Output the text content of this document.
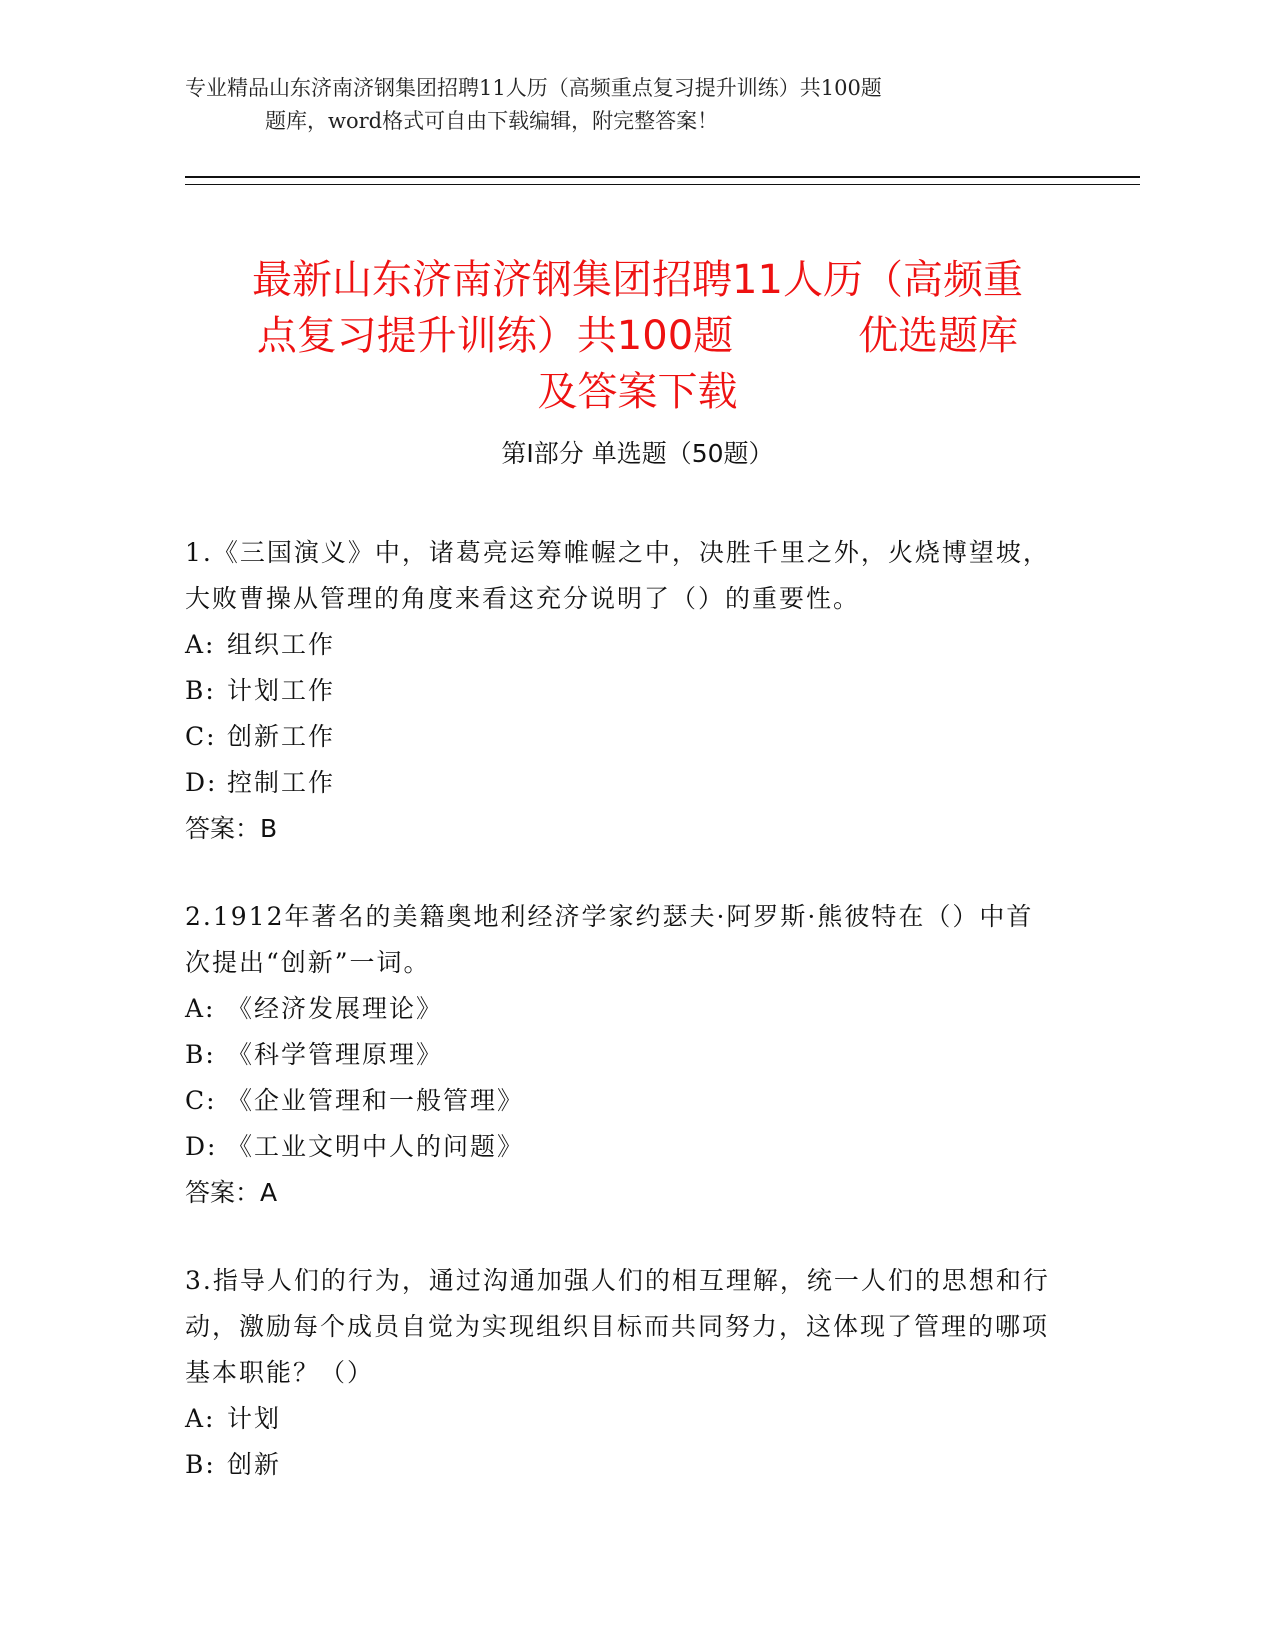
专业精品山东济南济钢集团招聘11人历（高频重点复习提升训练）共100题
题库，word格式可自由下载编辑，附完整答案！
最新山东济南济钢集团招聘11人历（高频重
点复习提升训练）共100题	优选题库
及答案下载
第Ⅰ部分 单选题（50题）

1.《三国演义》中，诸葛亮运筹帷幄之中，决胜千里之外，火烧博望坡，大败曹操从管理的角度来看这充分说明了（）的重要性。

A: 组织工作

B: 计划工作

C: 创新工作

D: 控制工作

答案：B

2.1912年著名的美籍奥地利经济学家约瑟夫·阿罗斯·熊彼特在（）中首次提出“创新”一词。

A: 《经济发展理论》

B: 《科学管理原理》

C: 《企业管理和一般管理》

D: 《工业文明中人的问题》

答案：A

3.指导人们的行为，通过沟通加强人们的相互理解，统一人们的思想和行动，激励每个成员自觉为实现组织目标而共同努力，这体现了管理的哪项基本职能？（）

A: 计划

B: 创新
